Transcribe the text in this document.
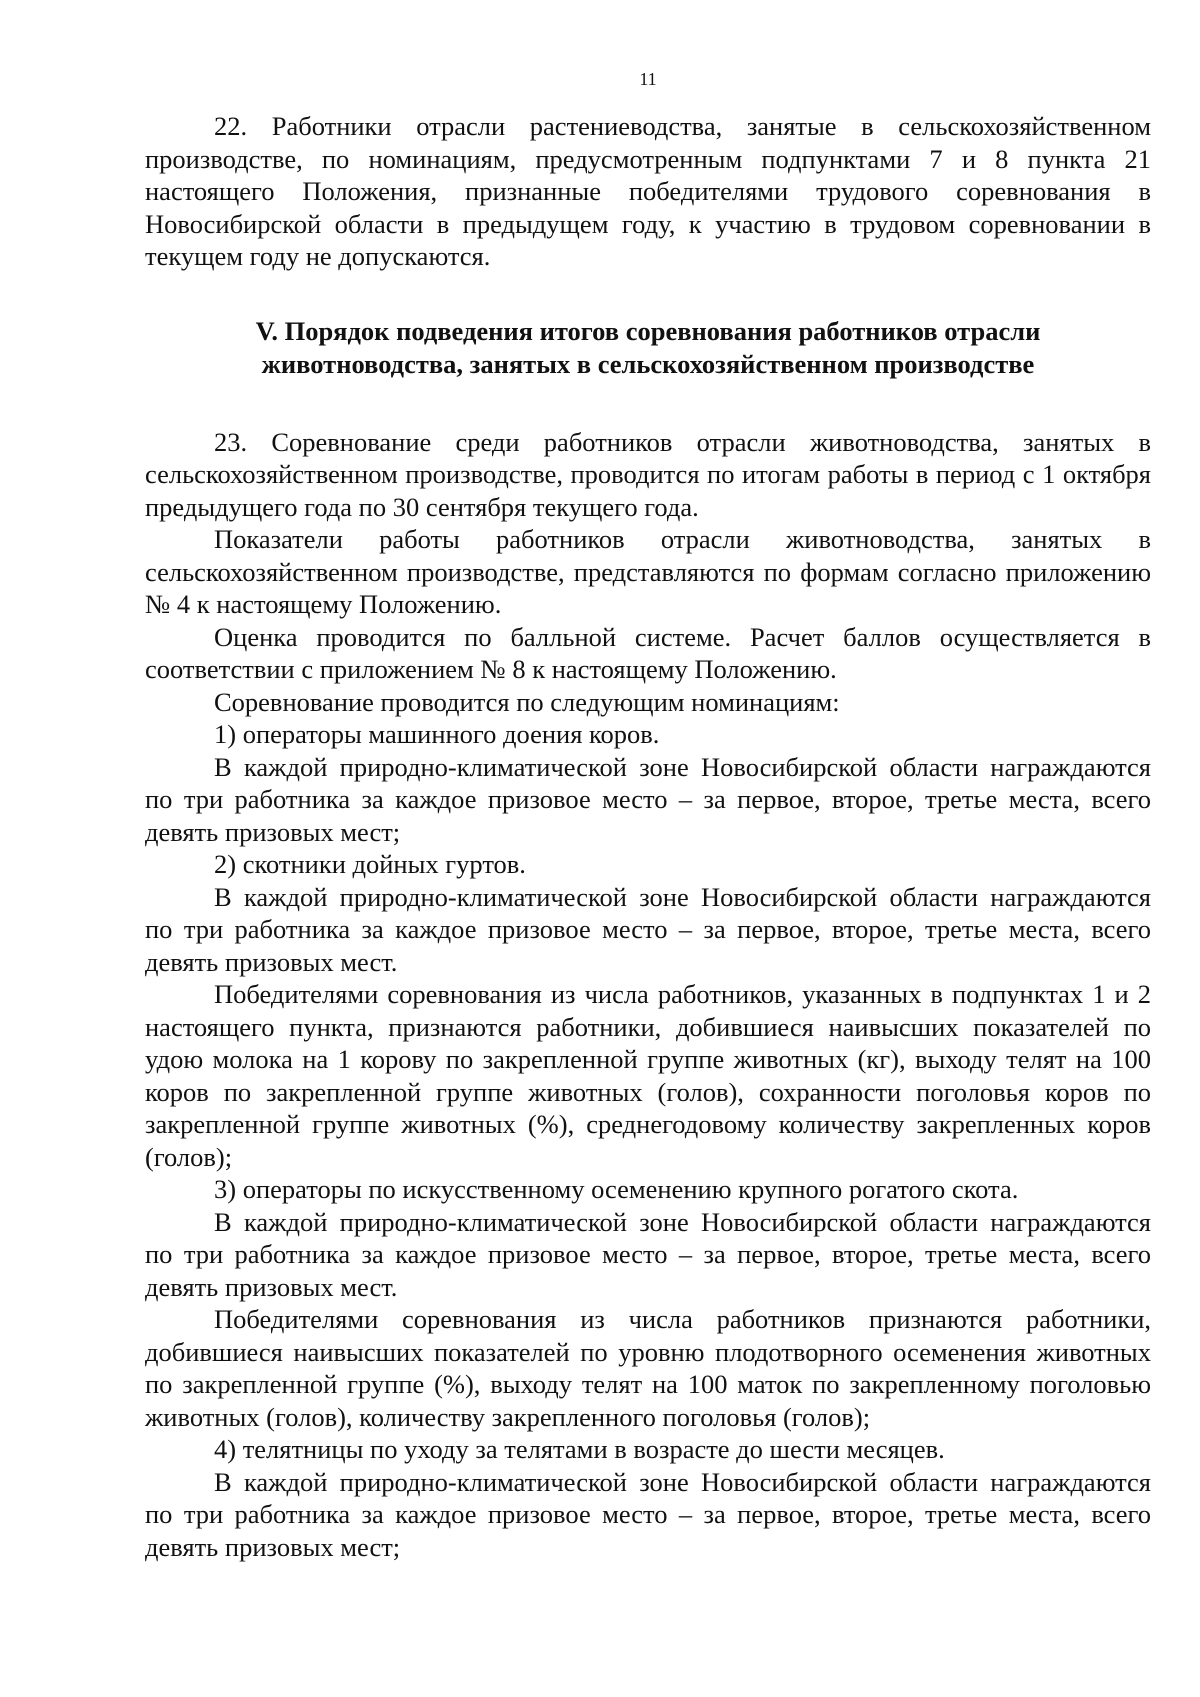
11

22. Работники отрасли растениеводства, занятые в сельскохозяйственном производстве, по номинациям, предусмотренным подпунктами 7 и 8 пункта 21 настоящего Положения, признанные победителями трудового соревнования в Новосибирской области в предыдущем году, к участию в трудовом соревновании в текущем году не допускаются.

V. Порядок подведения итогов соревнования работников отрасли
животноводства, занятых в сельскохозяйственном производстве

23. Соревнование среди работников отрасли животноводства, занятых в сельскохозяйственном производстве, проводится по итогам работы в период с 1 октября предыдущего года по 30 сентября текущего года.

Показатели работы работников отрасли животноводства, занятых в сельскохозяйственном производстве, представляются по формам согласно приложению № 4 к настоящему Положению.

Оценка проводится по балльной системе. Расчет баллов осуществляется в соответствии с приложением № 8 к настоящему Положению.

Соревнование проводится по следующим номинациям:

1) операторы машинного доения коров.

В каждой природно-климатической зоне Новосибирской области награждаются по три работника за каждое призовое место – за первое, второе, третье места, всего девять призовых мест;

2) скотники дойных гуртов.

В каждой природно-климатической зоне Новосибирской области награждаются по три работника за каждое призовое место – за первое, второе, третье места, всего девять призовых мест.

Победителями соревнования из числа работников, указанных в подпунктах 1 и 2 настоящего пункта, признаются работники, добившиеся наивысших показателей по удою молока на 1 корову по закрепленной группе животных (кг), выходу телят на 100 коров по закрепленной группе животных (голов), сохранности поголовья коров по закрепленной группе животных (%), среднегодовому количеству закрепленных коров (голов);

3) операторы по искусственному осеменению крупного рогатого скота.

В каждой природно-климатической зоне Новосибирской области награждаются по три работника за каждое призовое место – за первое, второе, третье места, всего девять призовых мест.

Победителями соревнования из числа работников признаются работники, добившиеся наивысших показателей по уровню плодотворного осеменения животных по закрепленной группе (%), выходу телят на 100 маток по закрепленному поголовью животных (голов), количеству закрепленного поголовья (голов);

4) телятницы по уходу за телятами в возрасте до шести месяцев.

В каждой природно-климатической зоне Новосибирской области награждаются по три работника за каждое призовое место – за первое, второе, третье места, всего девять призовых мест;
